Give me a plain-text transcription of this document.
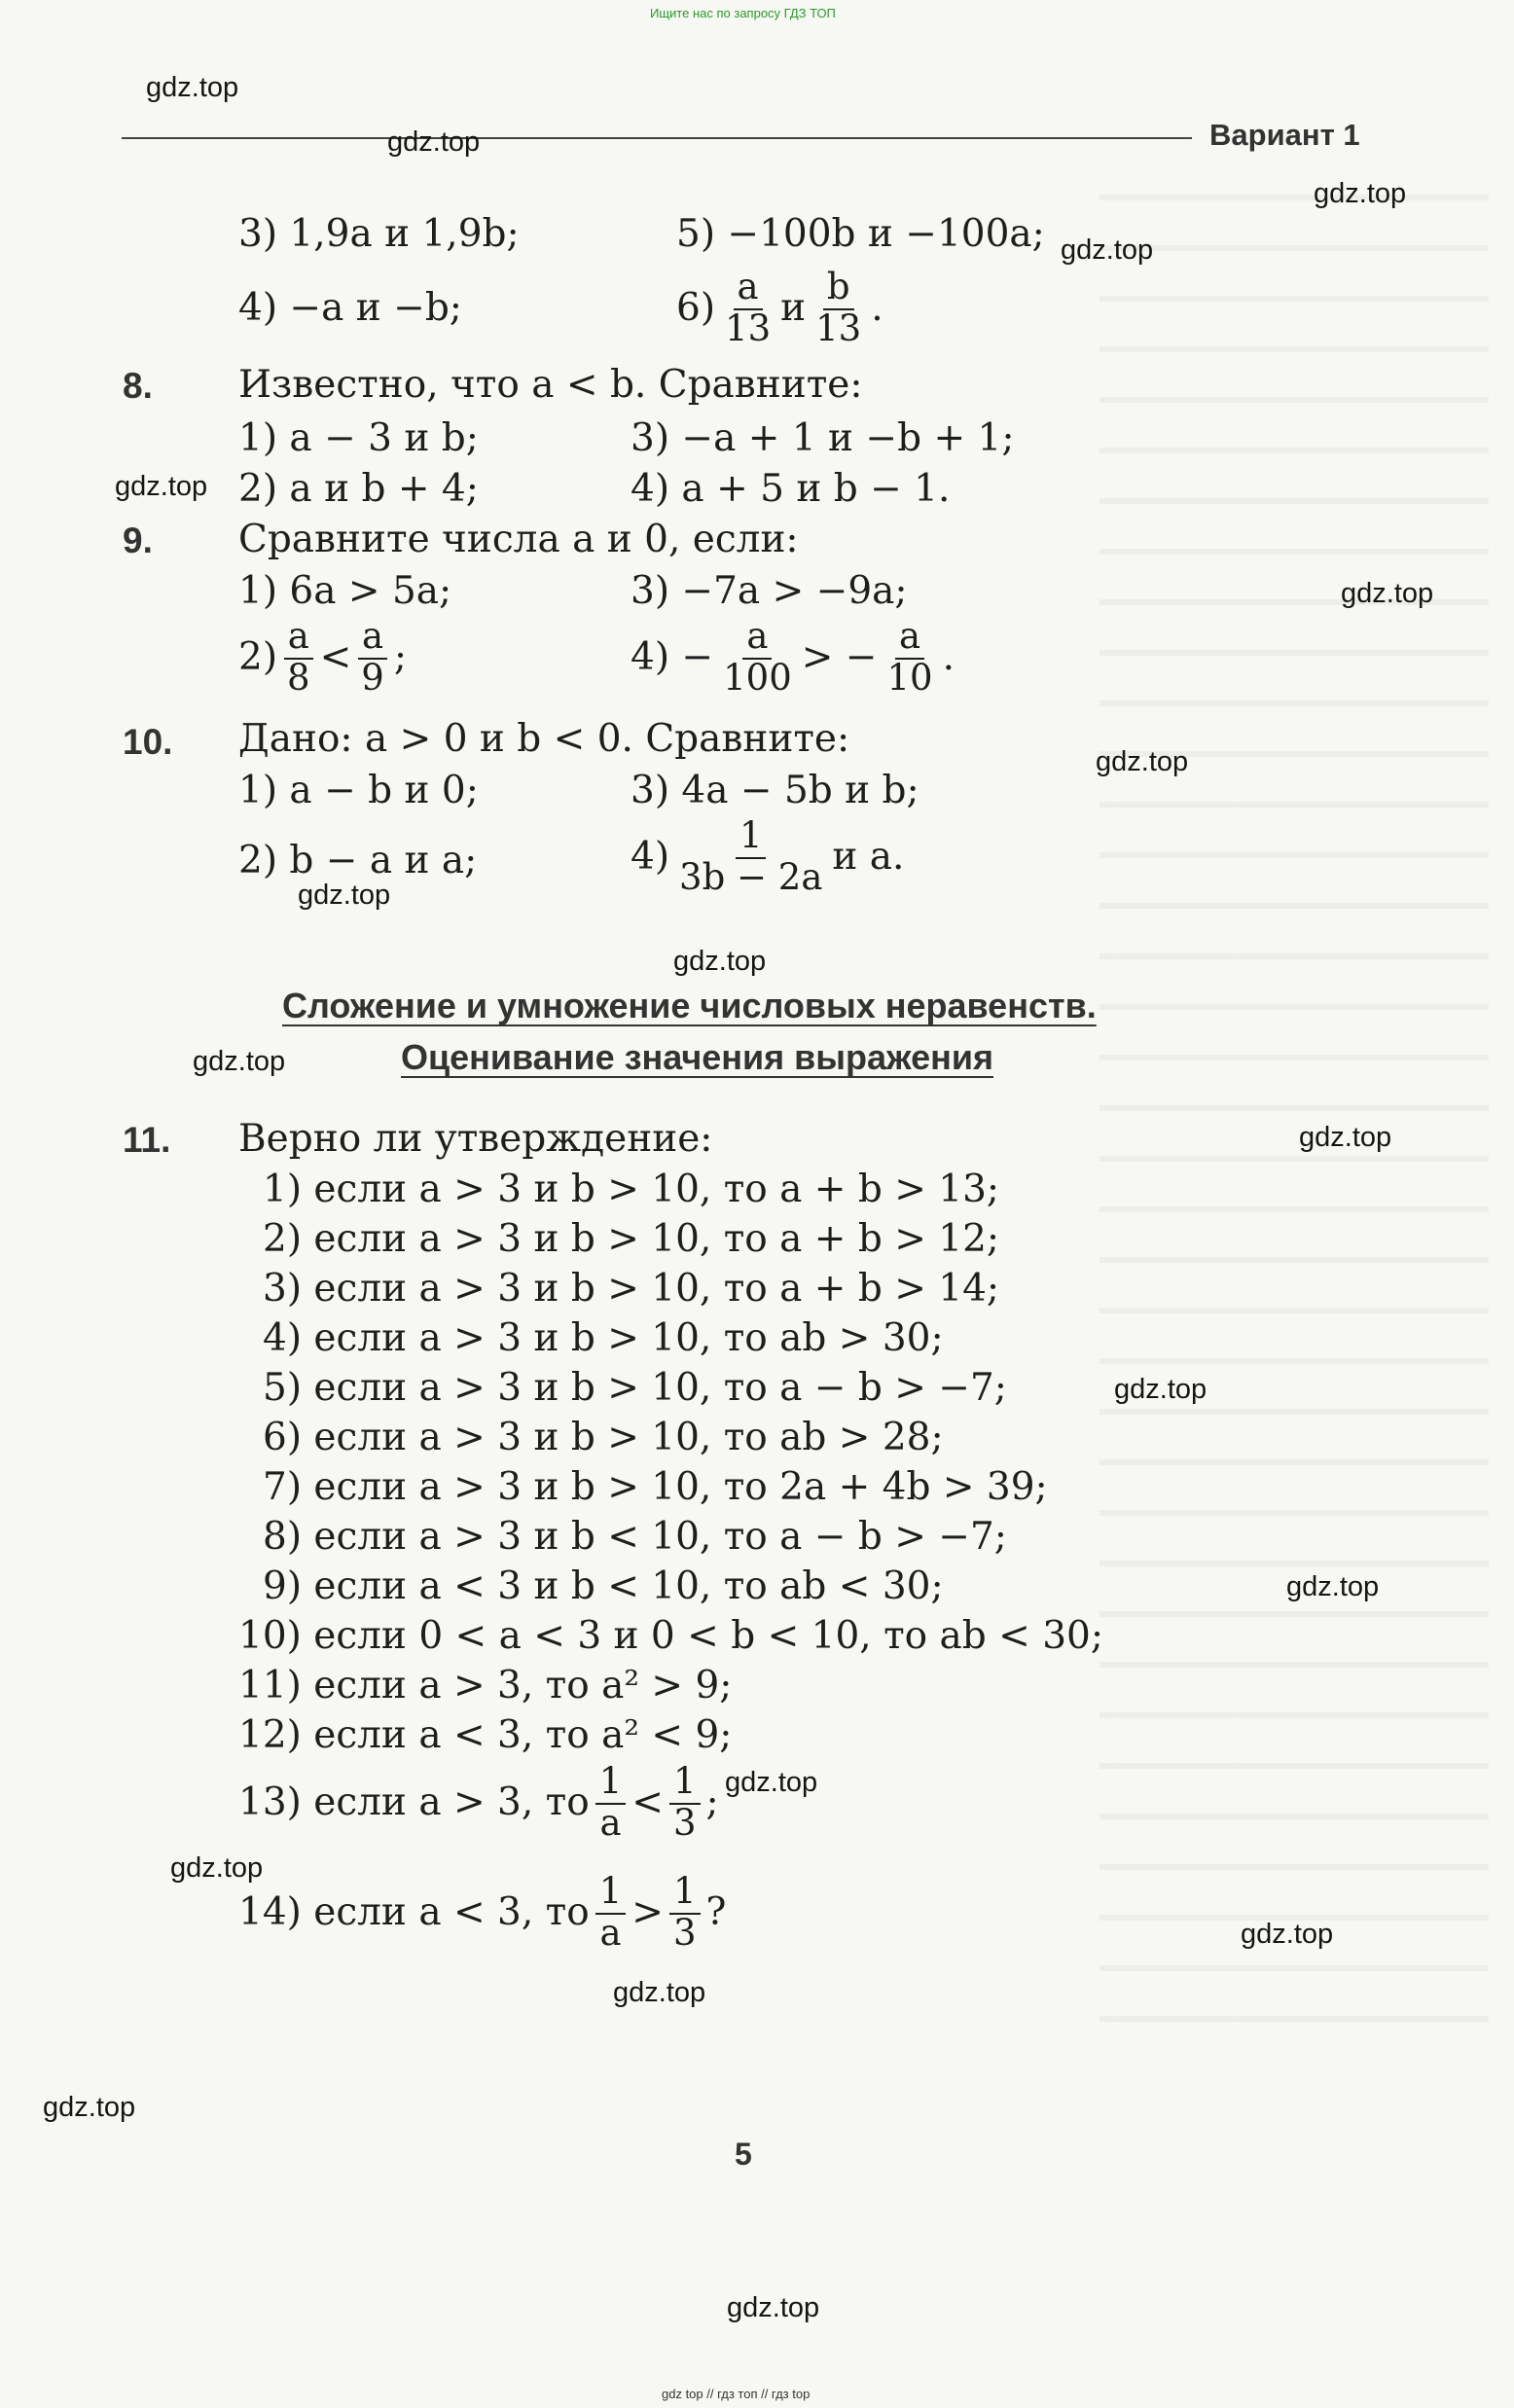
Ищите нас по запросу ГДЗ ТОП
Вариант 1
gdz.top
gdz.top
gdz.top
gdz.top
gdz.top
gdz.top
gdz.top
gdz.top
gdz.top
gdz.top
gdz.top
gdz.top
gdz.top
gdz.top
gdz.top
gdz.top
gdz.top
gdz.top
gdz.top
3) 1,9a и 1,9b;	5) −100b и −100a;
4) −a и −b;	$6) \frac{a}{13}$ и $\frac{b}{13}$ .
8. Известно, что a < b. Сравните:
1) a − 3 и b;	3) −a + 1 и −b + 1;
2) a и b + 4;	4) a + 5 и b − 1.
9. Сравните числа a и 0, если:
1) 6a > 5a;	3) −7a > −9a;
$2) \frac{a}{8} < \frac{a}{9}$ ;	$4) - \frac{a}{100}$ > − $\frac{a}{10}$ .
10. Дано: a > 0 и b < 0. Сравните:
1) a − b и 0;	3) 4a − 5b и b;
2) b − a и a;	$4) \frac{1}{3b - 2a}$ и a.
Сложение и умножение числовых неравенств.
Оценивание значения выражения
11. Верно ли утверждение:
1) если a > 3 и b > 10, то a + b > 13;
2) если a > 3 и b > 10, то a + b > 12;
3) если a > 3 и b > 10, то a + b > 14;
4) если a > 3 и b > 10, то ab > 30;
5) если a > 3 и b > 10, то a − b > −7;
6) если a > 3 и b > 10, то ab > 28;
7) если a > 3 и b > 10, то 2a + 4b > 39;
8) если a > 3 и b < 10, то a − b > −7;
9) если a < 3 и b < 10, то ab < 30;
10) если 0 < a < 3 и 0 < b < 10, то ab < 30;
11) если a > 3, то a² > 9;
12) если a < 3, то a² < 9;
13) если a > 3, то $\frac{1}{a} < \frac{1}{3}$ ;
14) если a < 3, то $\frac{1}{a} > \frac{1}{3}$ ?
5
gdz top // гдз топ // гдз top
